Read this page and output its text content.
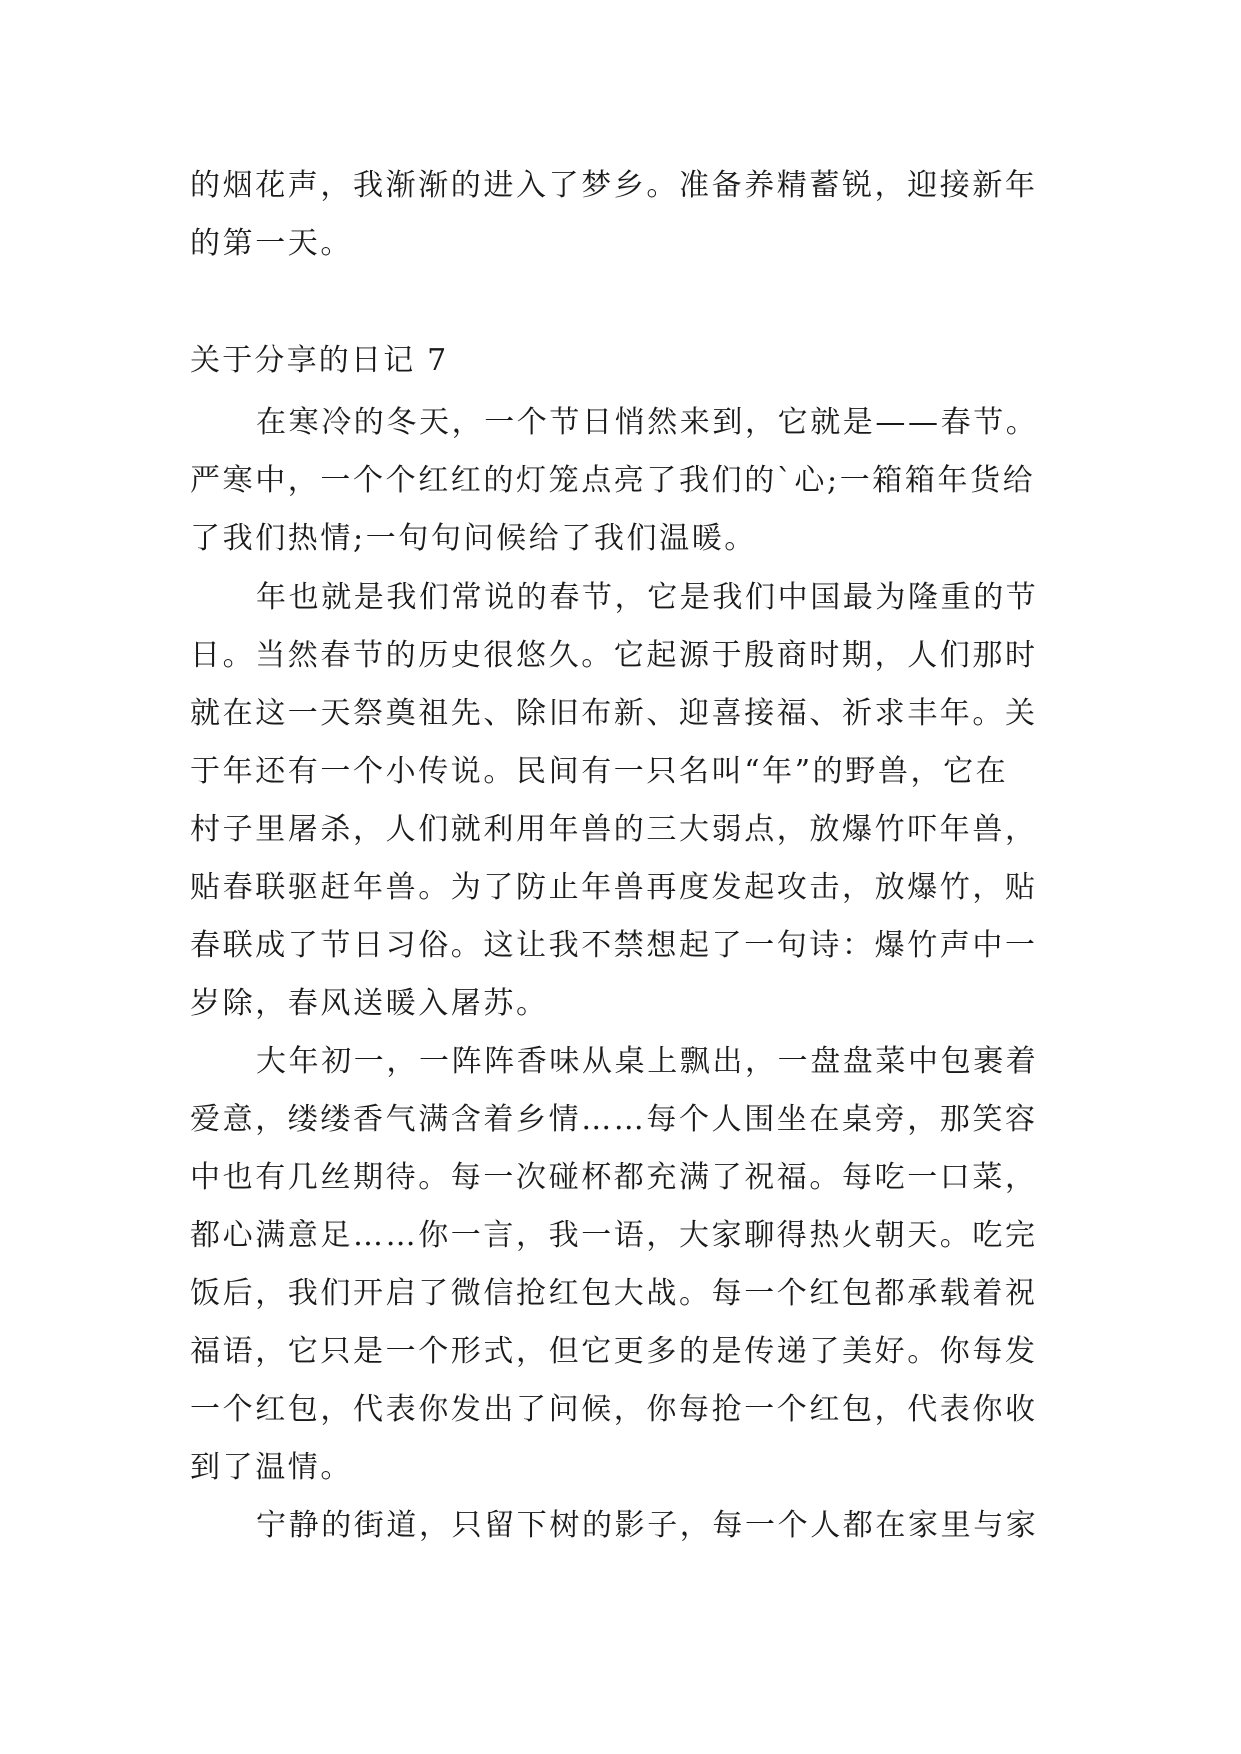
的烟花声，我渐渐的进入了梦乡。准备养精蓄锐，迎接新年
的第一天。
关于分享的日记 7
在寒冷的冬天，一个节日悄然来到，它就是——春节。
严寒中，一个个红红的灯笼点亮了我们的`心;一箱箱年货给
了我们热情;一句句问候给了我们温暖。
年也就是我们常说的春节，它是我们中国最为隆重的节
日。当然春节的历史很悠久。它起源于殷商时期，人们那时
就在这一天祭奠祖先、除旧布新、迎喜接福、祈求丰年。关
于年还有一个小传说。民间有一只名叫“年”的野兽，它在
村子里屠杀，人们就利用年兽的三大弱点，放爆竹吓年兽，
贴春联驱赶年兽。为了防止年兽再度发起攻击，放爆竹，贴
春联成了节日习俗。这让我不禁想起了一句诗：爆竹声中一
岁除，春风送暖入屠苏。
大年初一，一阵阵香味从桌上飘出，一盘盘菜中包裹着
爱意，缕缕香气满含着乡情……每个人围坐在桌旁，那笑容
中也有几丝期待。每一次碰杯都充满了祝福。每吃一口菜，
都心满意足……你一言，我一语，大家聊得热火朝天。吃完
饭后，我们开启了微信抢红包大战。每一个红包都承载着祝
福语，它只是一个形式，但它更多的是传递了美好。你每发
一个红包，代表你发出了问候，你每抢一个红包，代表你收
到了温情。
宁静的街道，只留下树的影子，每一个人都在家里与家
